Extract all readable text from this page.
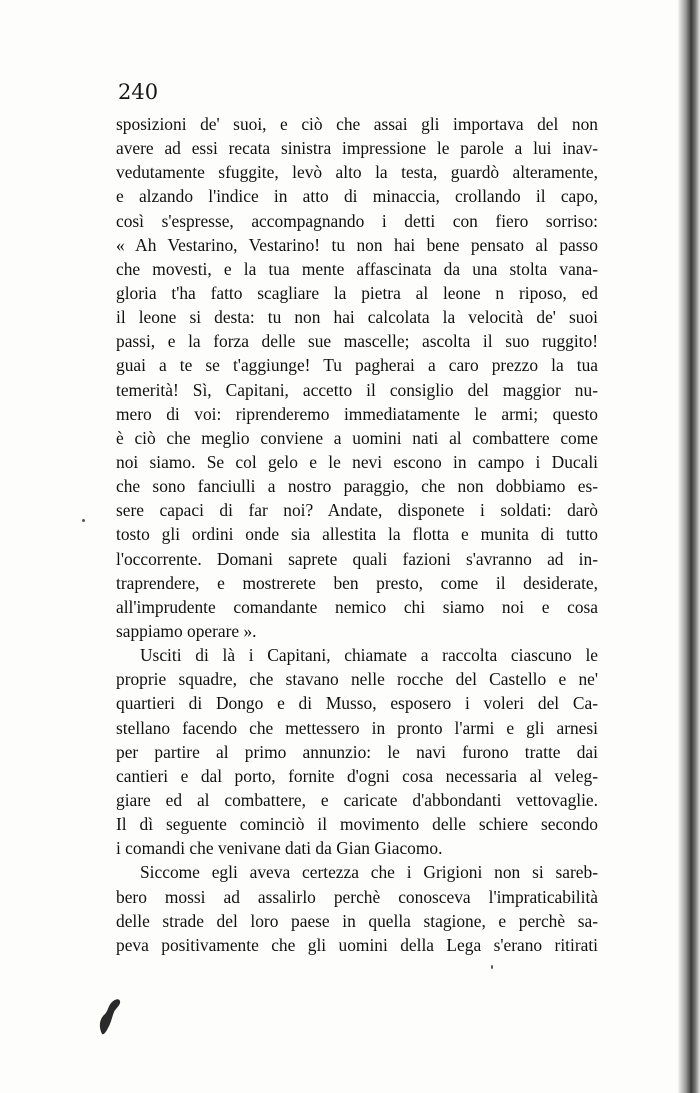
240
sposizioni de' suoi, e ciò che assai gli importava del non
avere ad essi recata sinistra impressione le parole a lui inav-
vedutamente sfuggite, levò alto la testa, guardò alteramente,
e alzando l'indice in atto di minaccia, crollando il capo,
così s'espresse, accompagnando i detti con fiero sorriso:
« Ah Vestarino, Vestarino! tu non hai bene pensato al passo
che movesti, e la tua mente affascinata da una stolta vana-
gloria t'ha fatto scagliare la pietra al leone n riposo, ed
il leone si desta: tu non hai calcolata la velocità de' suoi
passi, e la forza delle sue mascelle; ascolta il suo ruggito!
guai a te se t'aggiunge! Tu pagherai a caro prezzo la tua
temerità! Sì, Capitani, accetto il consiglio del maggior nu-
mero di voi: riprenderemo immediatamente le armi; questo
è ciò che meglio conviene a uomini nati al combattere come
noi siamo. Se col gelo e le nevi escono in campo i Ducali
che sono fanciulli a nostro paraggio, che non dobbiamo es-
sere capaci di far noi? Andate, disponete i soldati: darò
tosto gli ordini onde sia allestita la flotta e munita di tutto
l'occorrente. Domani saprete quali fazioni s'avranno ad in-
traprendere, e mostrerete ben presto, come il desiderate,
all'imprudente comandante nemico chi siamo noi e cosa
sappiamo operare ».
Usciti di là i Capitani, chiamate a raccolta ciascuno le
proprie squadre, che stavano nelle rocche del Castello e ne'
quartieri di Dongo e di Musso, esposero i voleri del Ca-
stellano facendo che mettessero in pronto l'armi e gli arnesi
per partire al primo annunzio: le navi furono tratte dai
cantieri e dal porto, fornite d'ogni cosa necessaria al veleg-
giare ed al combattere, e caricate d'abbondanti vettovaglie.
Il dì seguente cominciò il movimento delle schiere secondo
i comandi che venivane dati da Gian Giacomo.
Siccome egli aveva certezza che i Grigioni non si sareb-
bero mossi ad assalirlo perchè conosceva l'impraticabilità
delle strade del loro paese in quella stagione, e perchè sa-
peva positivamente che gli uomini della Lega s'erano ritirati
